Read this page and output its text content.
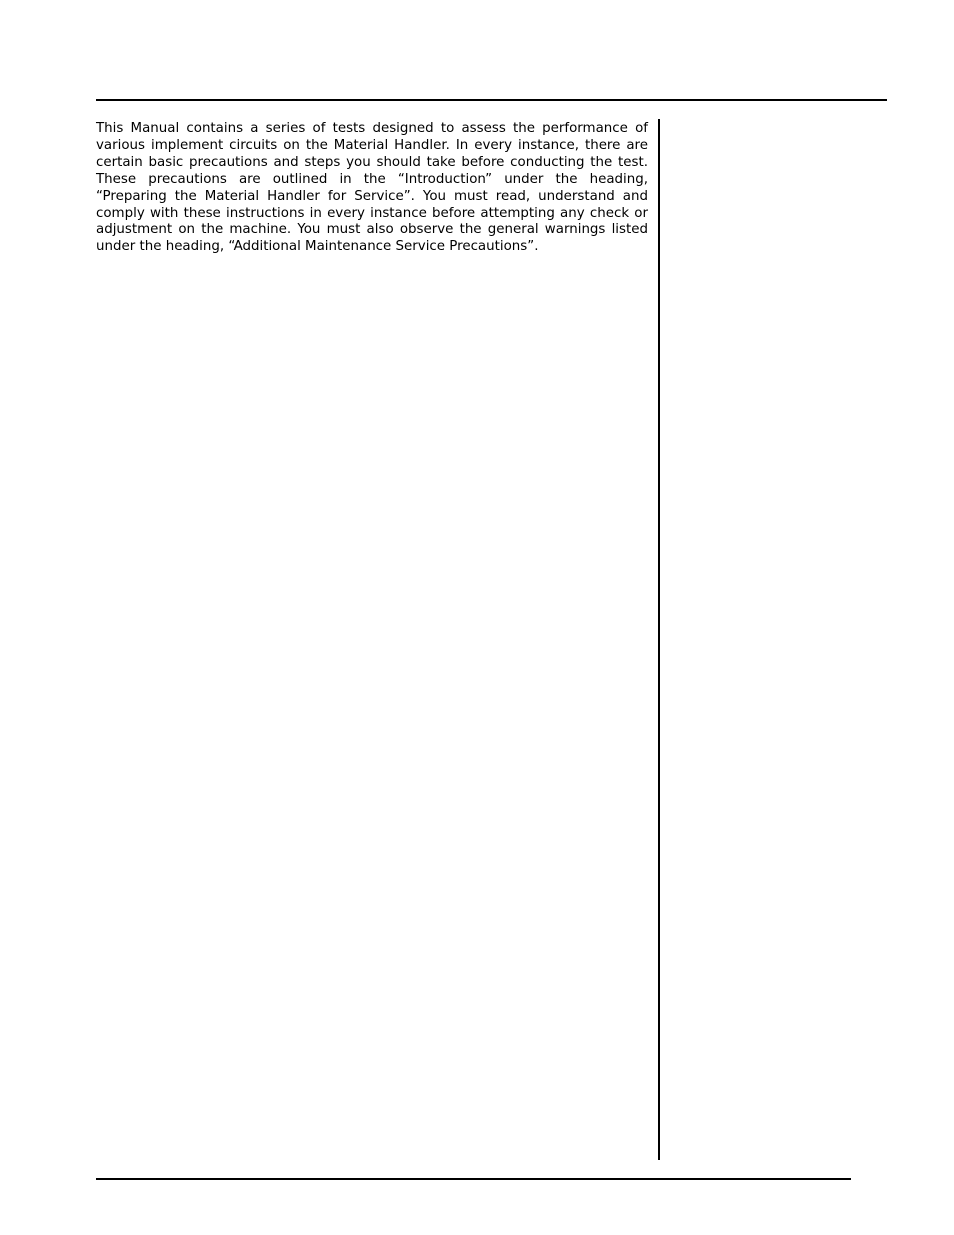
This Manual contains a series of tests designed to assess the performance of various implement circuits on the Material Handler. In every instance, there are certain basic precautions and steps you should take before conducting the test. These precautions are outlined in the “Introduction” under the heading, “Preparing the Material Handler for Service”. You must read, understand and comply with these instructions in every instance before attempting any check or adjustment on the machine. You must also observe the general warnings listed under the heading, “Additional Maintenance Service Precautions”.
